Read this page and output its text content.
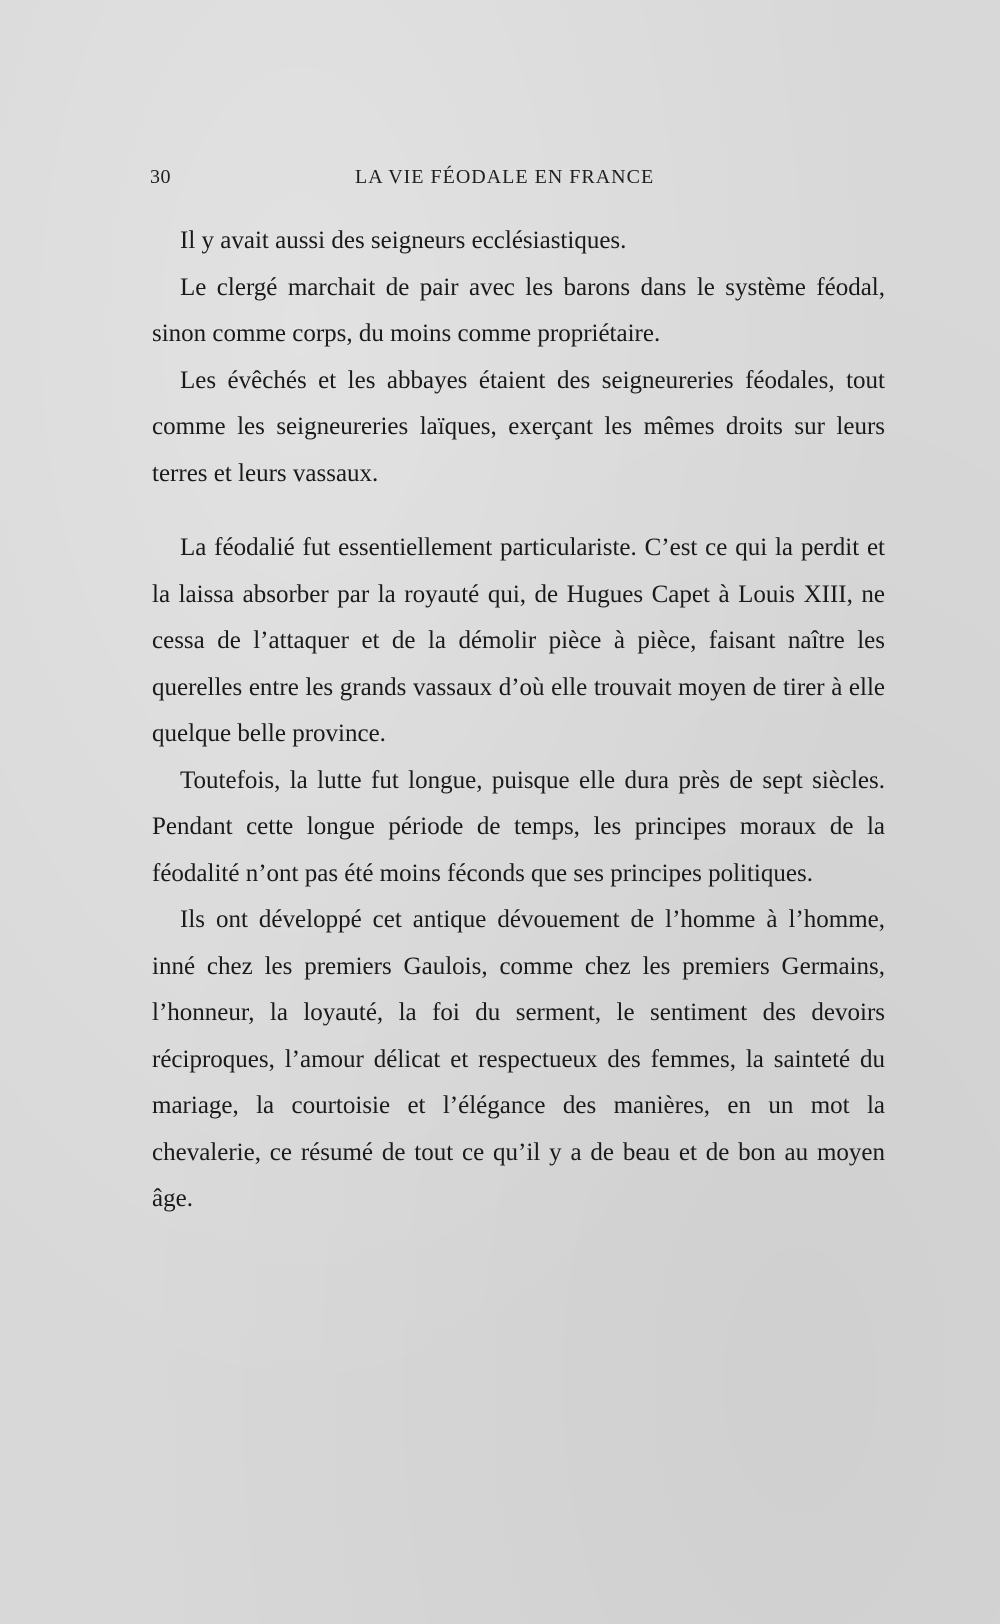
30	LA VIE FÉODALE EN FRANCE

Il y avait aussi des seigneurs ecclésiastiques.

Le clergé marchait de pair avec les barons dans le système féodal, sinon comme corps, du moins comme propriétaire.

Les évêchés et les abbayes étaient des seigneureries féodales, tout comme les seigneureries laïques, exerçant les mêmes droits sur leurs terres et leurs vassaux.

La féodalié fut essentiellement particulariste. C’est ce qui la perdit et la laissa absorber par la royauté qui, de Hugues Capet à Louis XIII, ne cessa de l’attaquer et de la démolir pièce à pièce, faisant naître les querelles entre les grands vassaux d’où elle trouvait moyen de tirer à elle quelque belle province.

Toutefois, la lutte fut longue, puisque elle dura près de sept siècles. Pendant cette longue période de temps, les principes moraux de la féodalité n’ont pas été moins féconds que ses principes politiques.

Ils ont développé cet antique dévouement de l’homme à l’homme, inné chez les premiers Gaulois, comme chez les premiers Germains, l’honneur, la loyauté, la foi du serment, le sentiment des devoirs réciproques, l’amour délicat et respectueux des femmes, la sainteté du mariage, la courtoisie et l’élégance des manières, en un mot la chevalerie, ce résumé de tout ce qu’il y a de beau et de bon au moyen âge.
